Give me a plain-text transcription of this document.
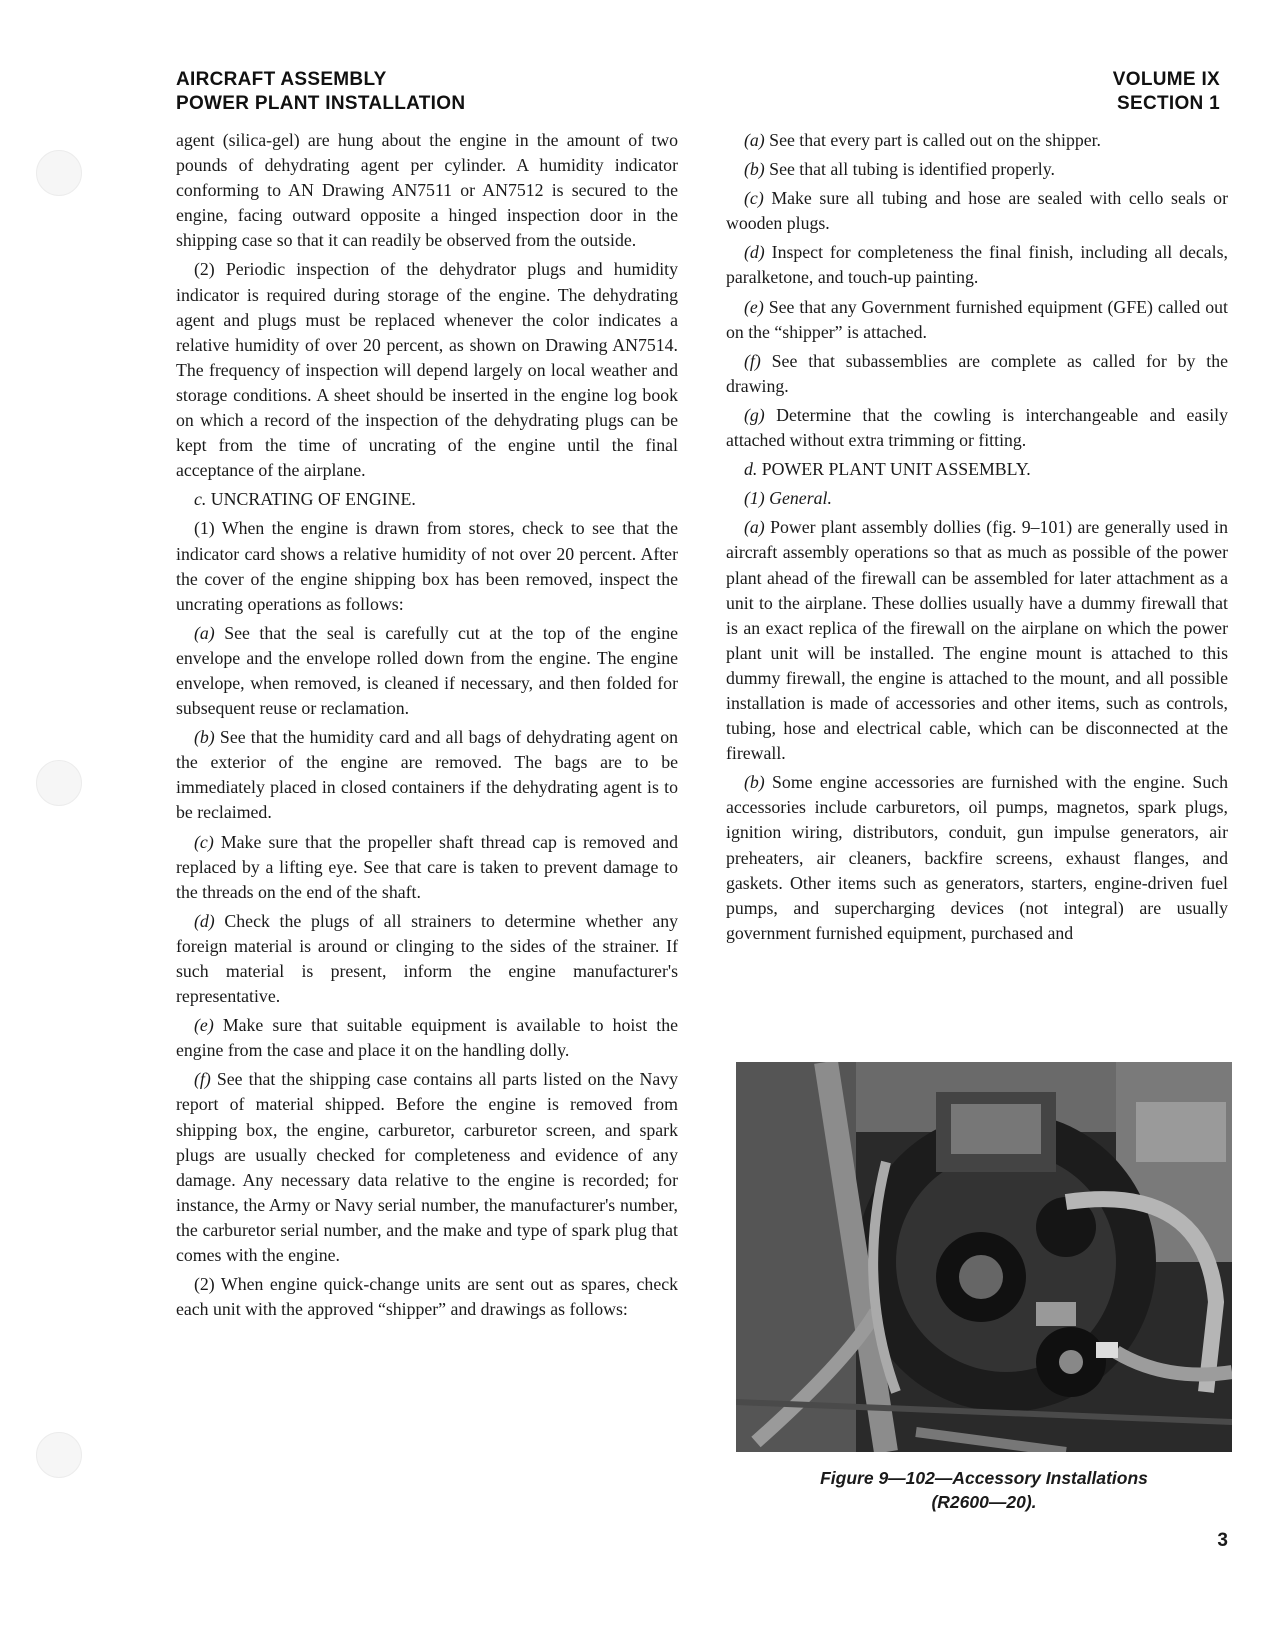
AIRCRAFT ASSEMBLY
POWER PLANT INSTALLATION
VOLUME IX
SECTION 1

agent (silica-gel) are hung about the engine in the amount of two pounds of dehydrating agent per cylinder. A humidity indicator conforming to AN Drawing AN7511 or AN7512 is secured to the engine, facing outward opposite a hinged inspection door in the shipping case so that it can readily be observed from the outside.

(2) Periodic inspection of the dehydrator plugs and humidity indicator is required during storage of the engine. The dehydrating agent and plugs must be replaced whenever the color indicates a relative humidity of over 20 percent, as shown on Drawing AN7514. The frequency of inspection will depend largely on local weather and storage conditions. A sheet should be inserted in the engine log book on which a record of the inspection of the dehydrating plugs can be kept from the time of uncrating of the engine until the final acceptance of the airplane.

c. UNCRATING OF ENGINE.

(1) When the engine is drawn from stores, check to see that the indicator card shows a relative humidity of not over 20 percent. After the cover of the engine shipping box has been removed, inspect the uncrating operations as follows:

(a) See that the seal is carefully cut at the top of the engine envelope and the envelope rolled down from the engine. The engine envelope, when removed, is cleaned if necessary, and then folded for subsequent reuse or reclamation.

(b) See that the humidity card and all bags of dehydrating agent on the exterior of the engine are removed. The bags are to be immediately placed in closed containers if the dehydrating agent is to be reclaimed.

(c) Make sure that the propeller shaft thread cap is removed and replaced by a lifting eye. See that care is taken to prevent damage to the threads on the end of the shaft.

(d) Check the plugs of all strainers to determine whether any foreign material is around or clinging to the sides of the strainer. If such material is present, inform the engine manufacturer's representative.

(e) Make sure that suitable equipment is available to hoist the engine from the case and place it on the handling dolly.

(f) See that the shipping case contains all parts listed on the Navy report of material shipped. Before the engine is removed from shipping box, the engine, carburetor, carburetor screen, and spark plugs are usually checked for completeness and evidence of any damage. Any necessary data relative to the engine is recorded; for instance, the Army or Navy serial number, the manufacturer's number, the carburetor serial number, and the make and type of spark plug that comes with the engine.

(2) When engine quick-change units are sent out as spares, check each unit with the approved “shipper” and drawings as follows:

(a) See that every part is called out on the shipper.

(b) See that all tubing is identified properly.

(c) Make sure all tubing and hose are sealed with cello seals or wooden plugs.

(d) Inspect for completeness the final finish, including all decals, paralketone, and touch-up painting.

(e) See that any Government furnished equipment (GFE) called out on the “shipper” is attached.

(f) See that subassemblies are complete as called for by the drawing.

(g) Determine that the cowling is interchangeable and easily attached without extra trimming or fitting.

d. POWER PLANT UNIT ASSEMBLY.

(1) General.

(a) Power plant assembly dollies (fig. 9–101) are generally used in aircraft assembly operations so that as much as possible of the power plant ahead of the firewall can be assembled for later attachment as a unit to the airplane. These dollies usually have a dummy firewall that is an exact replica of the firewall on the airplane on which the power plant unit will be installed. The engine mount is attached to this dummy firewall, the engine is attached to the mount, and all possible installation is made of accessories and other items, such as controls, tubing, hose and electrical cable, which can be disconnected at the firewall.

(b) Some engine accessories are furnished with the engine. Such accessories include carburetors, oil pumps, magnetos, spark plugs, ignition wiring, distributors, conduit, gun impulse generators, air preheaters, air cleaners, backfire screens, exhaust flanges, and gaskets. Other items such as generators, starters, engine-driven fuel pumps, and supercharging devices (not integral) are usually government furnished equipment, purchased and

Figure 9—102—Accessory Installations
(R2600—20).
3
